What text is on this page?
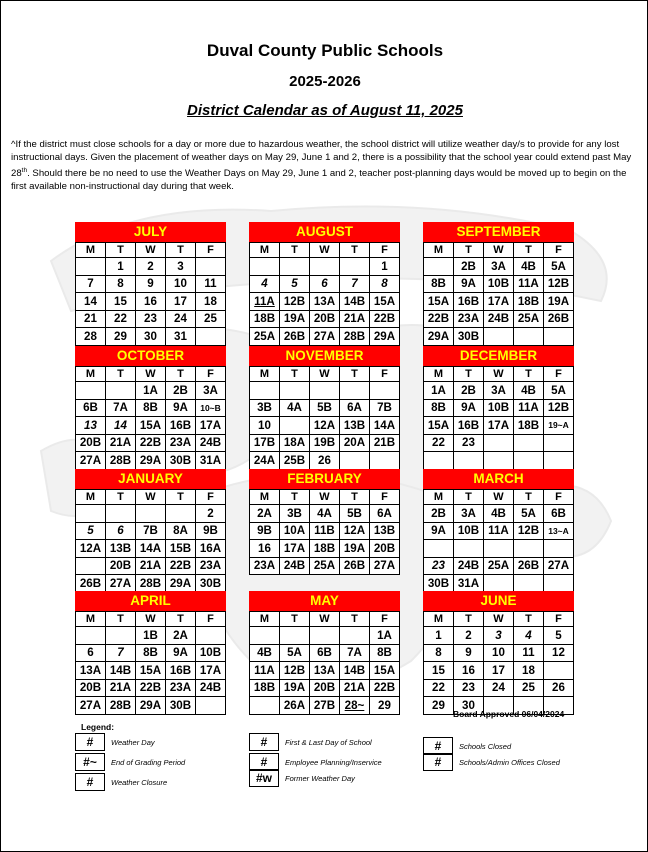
Duval County Public Schools
2025-2026
District Calendar as of August 11, 2025
^If the district must close schools for a day or more due to hazardous weather, the school district will utilize weather day/s to provide for any lost instructional days. Given the placement of weather days on May 29, June 1 and 2, there is a possibility that the school year could extend past May 28th. Should there be no need to use the Weather Days on May 29, June 1 and 2, teacher post-planning days would be moved up to begin on the first available non-instructional day during that week.
JULY
M	T	W	T	F
	1	2	3	4
7	8	9	10	11
14	15	16	17	18
21	22	23	24	25
28	29	30	31	
AUGUST
M	T	W	T	F
				1
4	5	6	7	8
11A	12B	13A	14B	15A
18B	19A	20B	21A	22B
25A	26B	27A	28B	29A
SEPTEMBER
M	T	W	T	F
1	2B	3A	4B	5A
8B	9A	10B	11A	12B
15A	16B	17A	18B	19A
22B	23A	24B	25A	26B
29A	30B			
OCTOBER
M	T	W	T	F
		1A	2B	3A
6B	7A	8B	9A	10~B
13	14	15A	16B	17A
20B	21A	22B	23A	24B
27A	28B	29A	30B	31A
NOVEMBER
M	T	W	T	F

3B	4A	5B	6A	7B
10	11	12A	13B	14A
17B	18A	19B	20A	21B
24A	25B	26	27	28
DECEMBER
M	T	W	T	F
1A	2B	3A	4B	5A
8B	9A	10B	11A	12B
15A	16B	17A	18B	19~A
22	23	24	25	26
29	30	31		
JANUARY
M	T	W	T	F
			1	2
5	6	7B	8A	9B
12A	13B	14A	15B	16A
19	20B	21A	22B	23A
26B	27A	28B	29A	30B
FEBRUARY
M	T	W	T	F
2A	3B	4A	5B	6A
9B	10A	11B	12A	13B
16	17A	18B	19A	20B
23A	24B	25A	26B	27A
MARCH
M	T	W	T	F
2B	3A	4B	5A	6B
9A	10B	11A	12B	13~A
16	17	18	19	20
23	24B	25A	26B	27A
30B	31A			
APRIL
M	T	W	T	F
		1B	2A	3
6	7	8B	9A	10B
13A	14B	15A	16B	17A
20B	21A	22B	23A	24B
27A	28B	29A	30B	
MAY
M	T	W	T	F
				1A
4B	5A	6B	7A	8B
11A	12B	13A	14B	15A
18B	19A	20B	21A	22B
25	26A	27B	28~	29
JUNE
M	T	W	T	F
1	2	3	4	5
8	9	10	11	12
15	16	17	18	19
22	23	24	25	26
29	30			
Board Approved 06/04/2024
Legend:
#	Weather Day
#~	End of Grading Period
#	Weather Closure
#	First & Last Day of School
#	Employee Planning/Inservice
#w	Former Weather Day
#	Schools Closed
#	Schools/Admin Offices Closed
